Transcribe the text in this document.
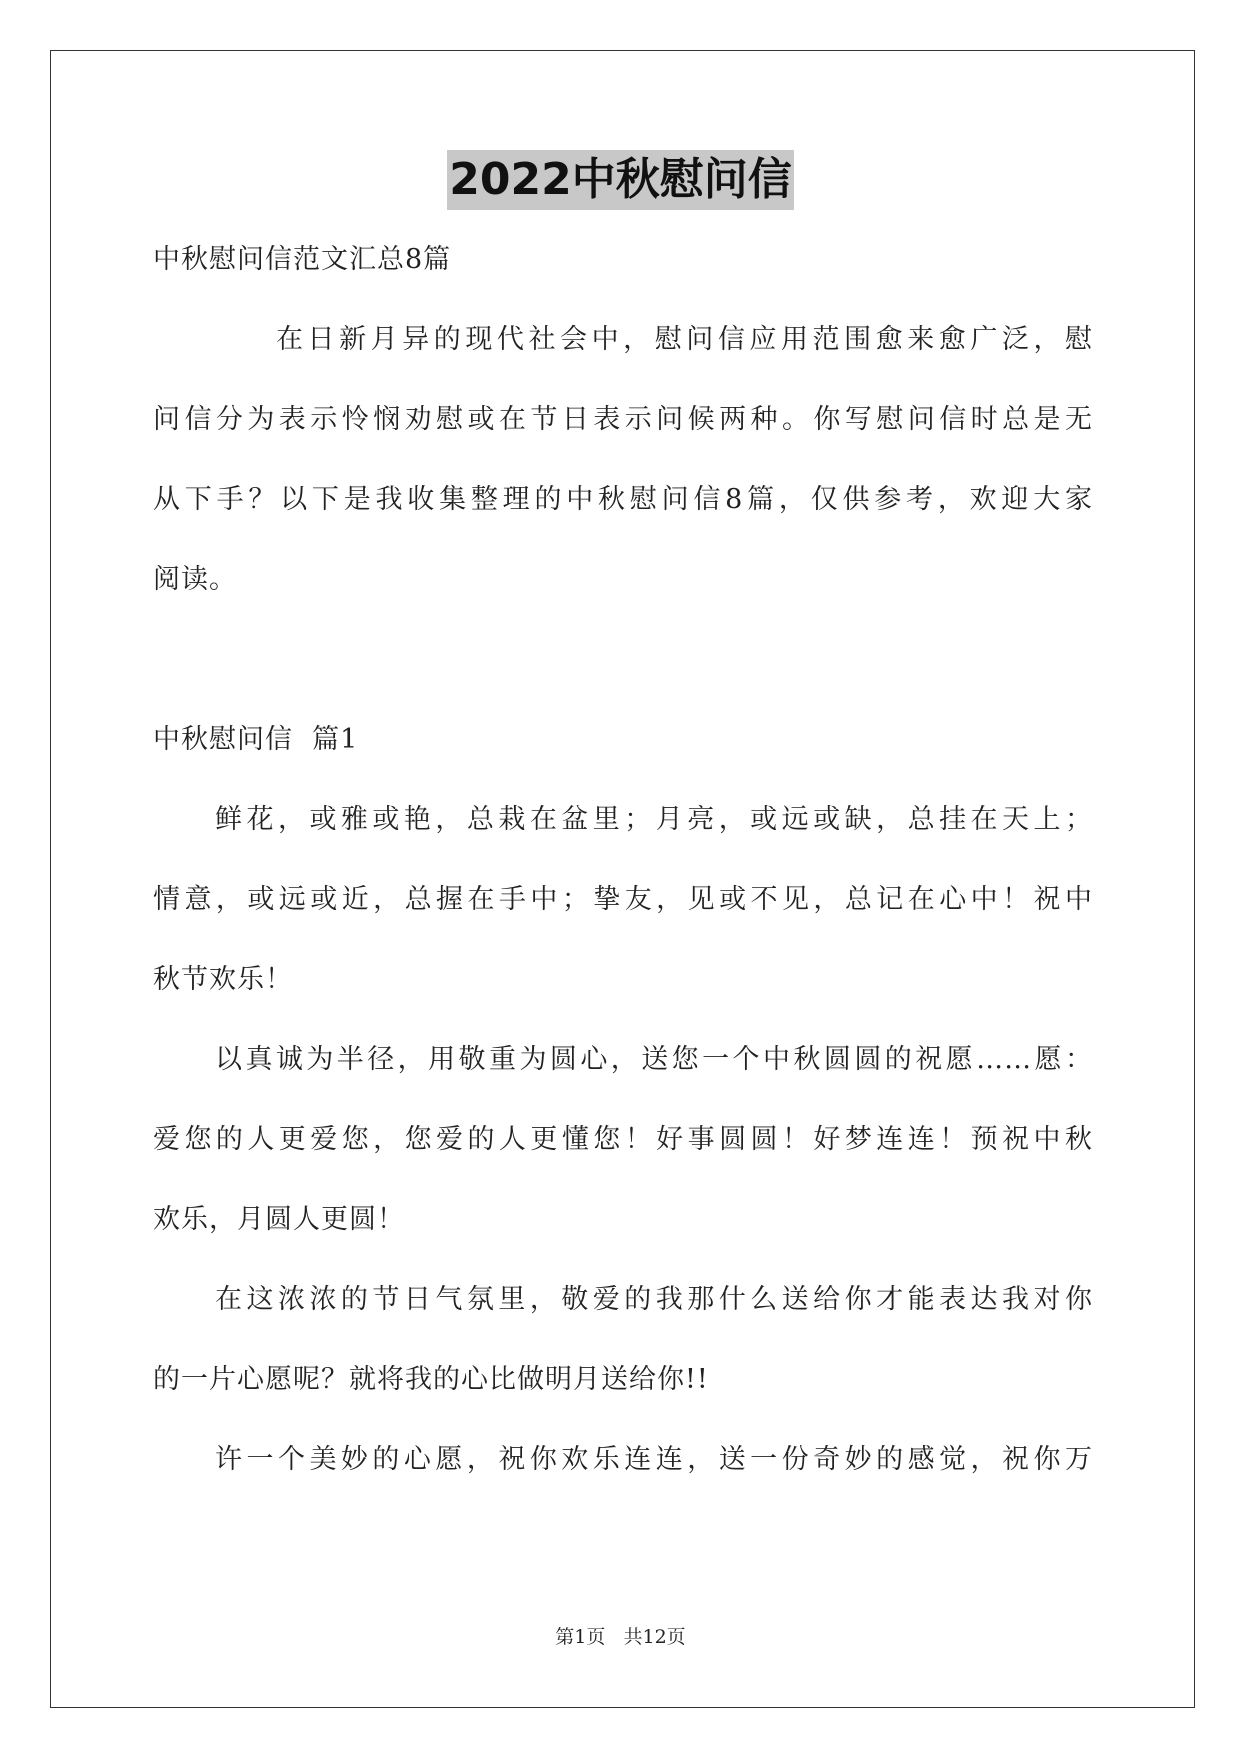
2022中秋慰问信
中秋慰问信范文汇总8篇
在日新月异的现代社会中，慰问信应用范围愈来愈广泛，慰
问信分为表示怜悯劝慰或在节日表示问候两种。你写慰问信时总是无
从下手？以下是我收集整理的中秋慰问信8篇，仅供参考，欢迎大家
阅读。
中秋慰问信  篇1
鲜花，或雅或艳，总栽在盆里；月亮，或远或缺，总挂在天上；
情意，或远或近，总握在手中；挚友，见或不见，总记在心中！祝中
秋节欢乐！
以真诚为半径，用敬重为圆心，送您一个中秋圆圆的祝愿……愿：
爱您的人更爱您，您爱的人更懂您！好事圆圆！好梦连连！预祝中秋
欢乐，月圆人更圆！
在这浓浓的节日气氛里，敬爱的我那什么送给你才能表达我对你
的一片心愿呢？就将我的心比做明月送给你!!
许一个美妙的心愿，祝你欢乐连连，送一份奇妙的感觉，祝你万
第1页   共12页
